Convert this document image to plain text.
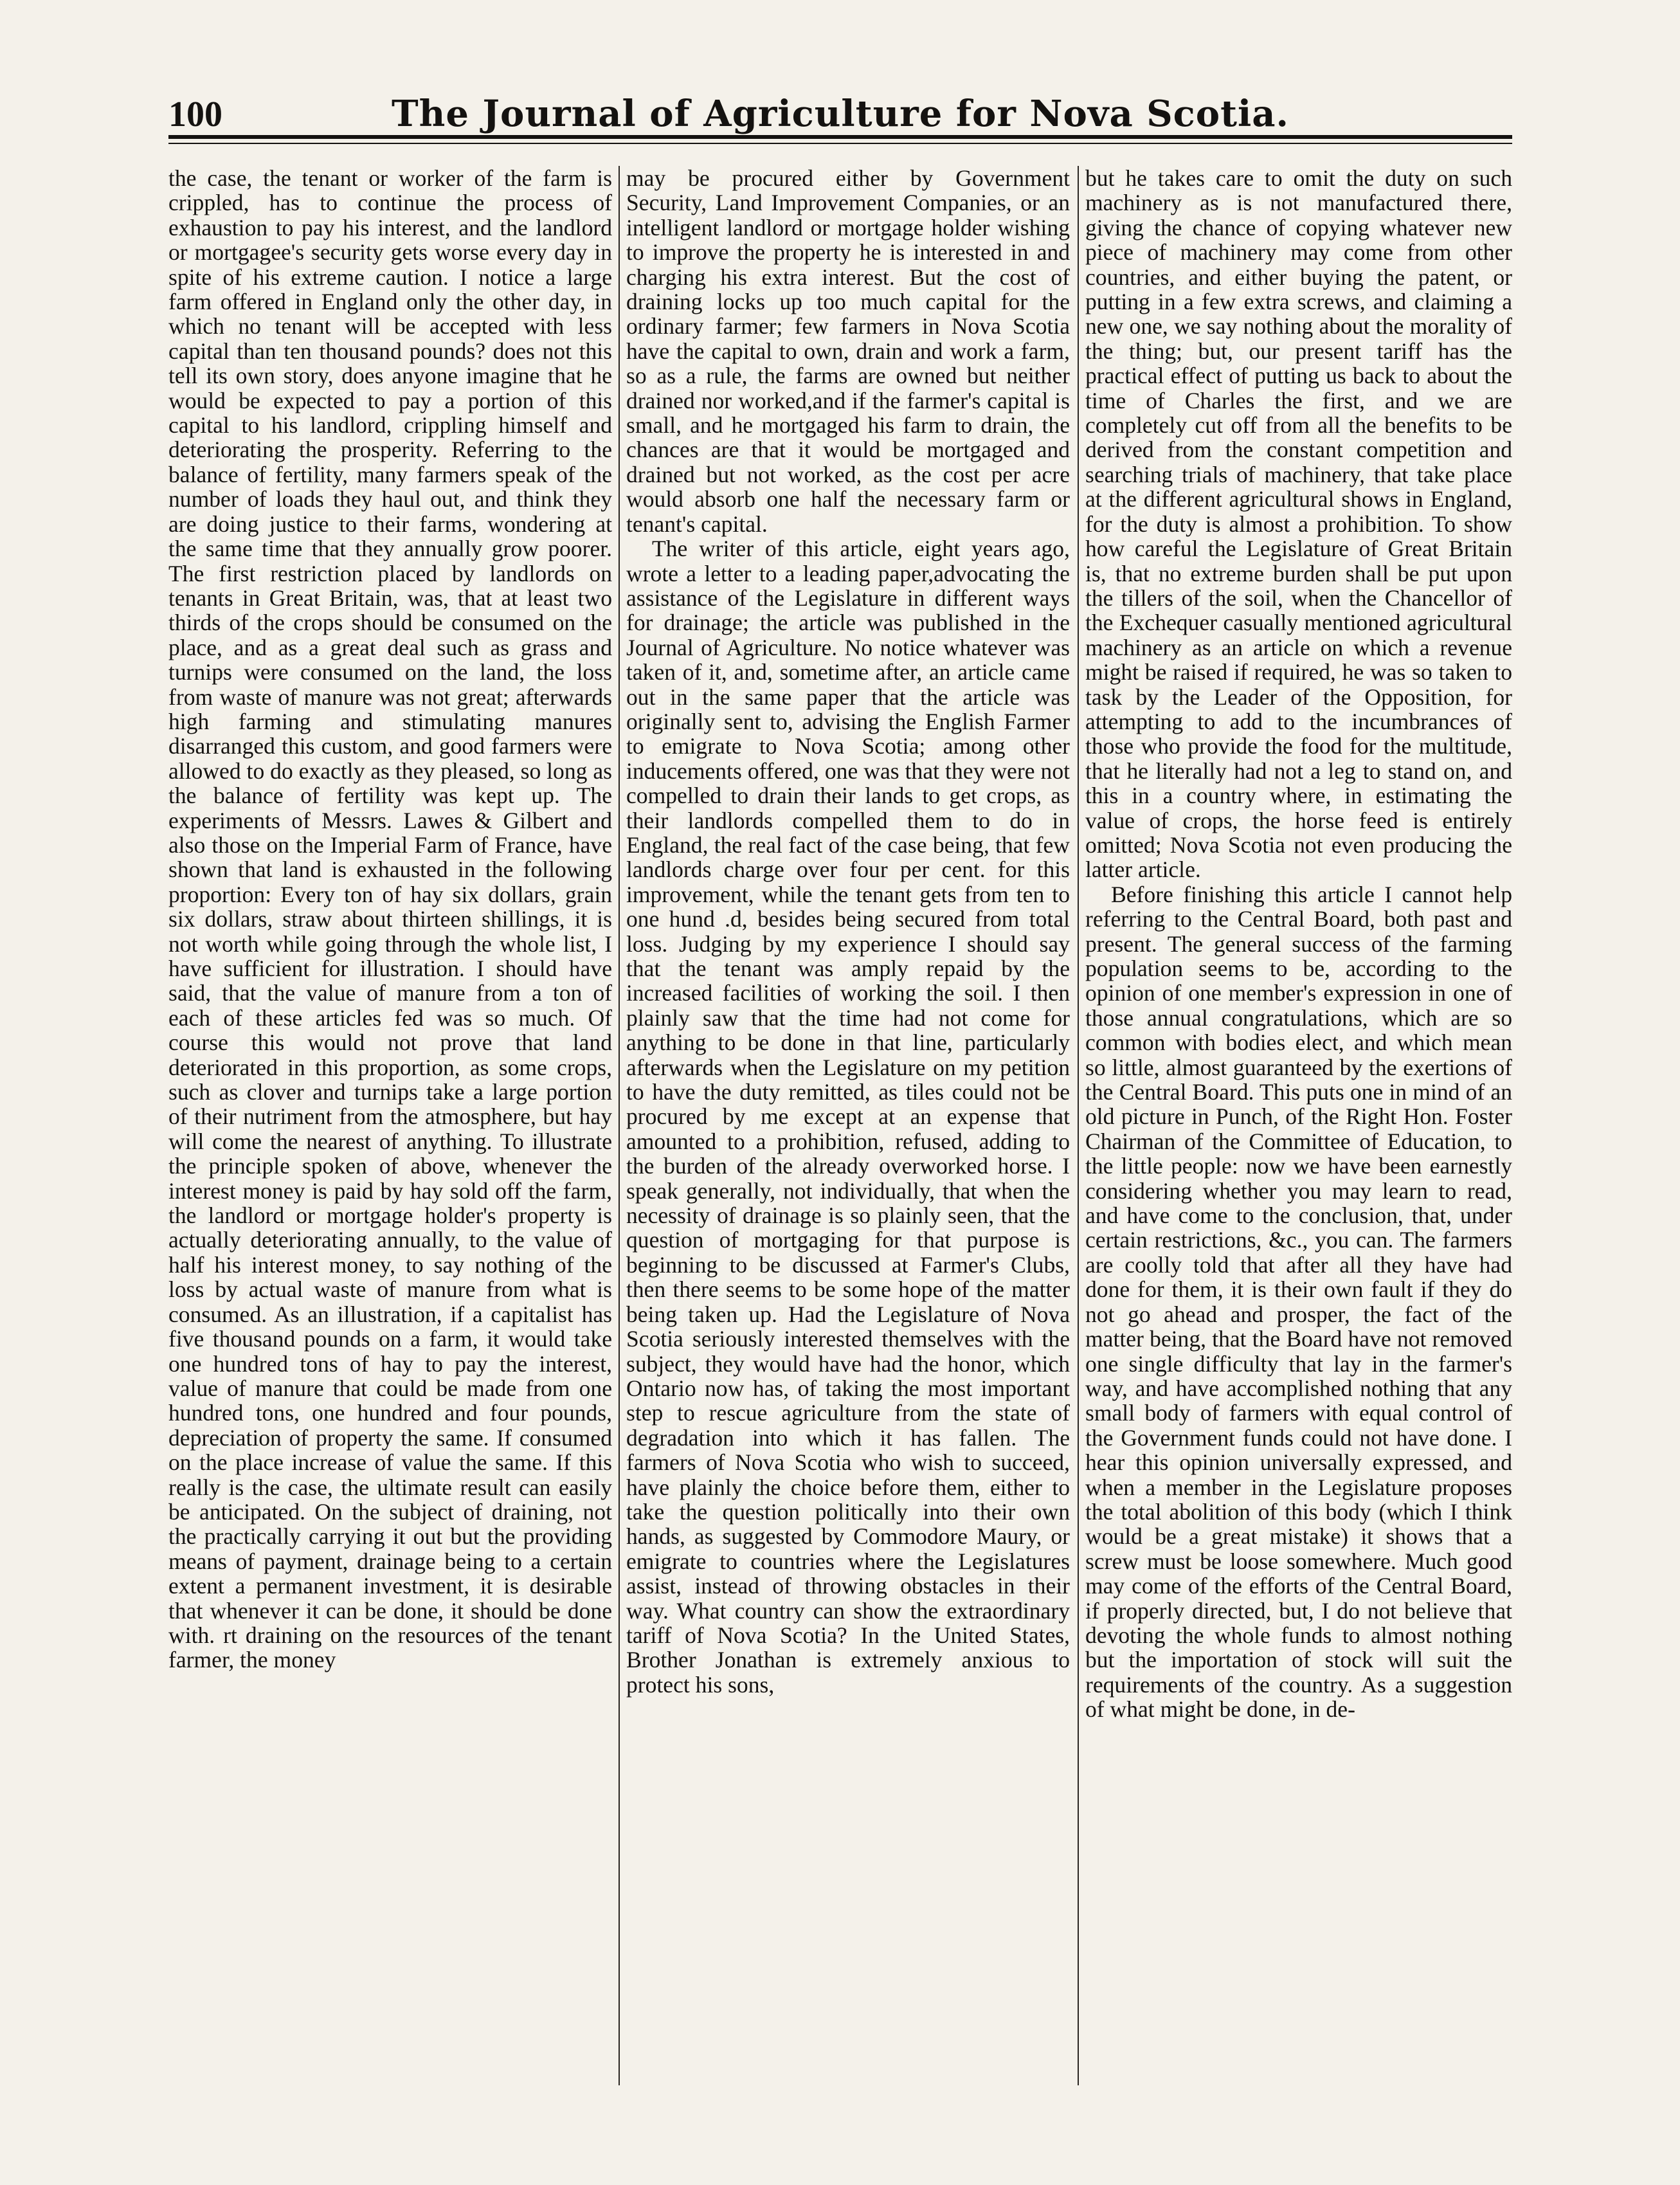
100	The Journal of Agriculture for Nova Scotia.

the case, the tenant or worker of the farm is crippled, has to continue the process of exhaustion to pay his interest, and the landlord or mortgagee's security gets worse every day in spite of his extreme caution. I notice a large farm offered in England only the other day, in which no tenant will be accepted with less capital than ten thousand pounds? does not this tell its own story, does anyone imagine that he would be expected to pay a portion of this capital to his landlord, crippling himself and deteriorating the prosperity. Referring to the balance of fertility, many farmers speak of the number of loads they haul out, and think they are doing justice to their farms, wondering at the same time that they annually grow poorer. The first restriction placed by landlords on tenants in Great Britain, was, that at least two thirds of the crops should be consumed on the place, and as a great deal such as grass and turnips were consumed on the land, the loss from waste of manure was not great; afterwards high farming and stimulating manures disarranged this custom, and good farmers were allowed to do exactly as they pleased, so long as the balance of fertility was kept up. The experiments of Messrs. Lawes & Gilbert and also those on the Imperial Farm of France, have shown that land is exhausted in the following proportion: Every ton of hay six dollars, grain six dollars, straw about thirteen shillings, it is not worth while going through the whole list, I have sufficient for illustration. I should have said, that the value of manure from a ton of each of these articles fed was so much. Of course this would not prove that land deteriorated in this proportion, as some crops, such as clover and turnips take a large portion of their nutriment from the atmosphere, but hay will come the nearest of anything. To illustrate the principle spoken of above, whenever the interest money is paid by hay sold off the farm, the landlord or mortgage holder's property is actually deteriorating annually, to the value of half his interest money, to say nothing of the loss by actual waste of manure from what is consumed. As an illustration, if a capitalist has five thousand pounds on a farm, it would take one hundred tons of hay to pay the interest, value of manure that could be made from one hundred tons, one hundred and four pounds, depreciation of property the same. If consumed on the place increase of value the same. If this really is the case, the ultimate result can easily be anticipated. On the subject of draining, not the practically carrying it out but the providing means of payment, drainage being to a certain extent a permanent investment, it is desirable that whenever it can be done, it should be done with. rt draining on the resources of the tenant farmer, the money

may be procured either by Government Security, Land Improvement Companies, or an intelligent landlord or mortgage holder wishing to improve the property he is interested in and charging his extra interest. But the cost of draining locks up too much capital for the ordinary farmer; few farmers in Nova Scotia have the capital to own, drain and work a farm, so as a rule, the farms are owned but neither drained nor worked,and if the farmer's capital is small, and he mortgaged his farm to drain, the chances are that it would be mortgaged and drained but not worked, as the cost per acre would absorb one half the necessary farm or tenant's capital.

The writer of this article, eight years ago, wrote a letter to a leading paper,advocating the assistance of the Legislature in different ways for drainage; the article was published in the Journal of Agriculture. No notice whatever was taken of it, and, sometime after, an article came out in the same paper that the article was originally sent to, advising the English Farmer to emigrate to Nova Scotia; among other inducements offered, one was that they were not compelled to drain their lands to get crops, as their landlords compelled them to do in England, the real fact of the case being, that few landlords charge over four per cent. for this improvement, while the tenant gets from ten to one hund .d, besides being secured from total loss. Judging by my experience I should say that the tenant was amply repaid by the increased facilities of working the soil. I then plainly saw that the time had not come for anything to be done in that line, particularly afterwards when the Legislature on my petition to have the duty remitted, as tiles could not be procured by me except at an expense that amounted to a prohibition, refused, adding to the burden of the already overworked horse. I speak generally, not individually, that when the necessity of drainage is so plainly seen, that the question of mortgaging for that purpose is beginning to be discussed at Farmer's Clubs, then there seems to be some hope of the matter being taken up. Had the Legislature of Nova Scotia seriously interested themselves with the subject, they would have had the honor, which Ontario now has, of taking the most important step to rescue agriculture from the state of degradation into which it has fallen. The farmers of Nova Scotia who wish to succeed, have plainly the choice before them, either to take the question politically into their own hands, as suggested by Commodore Maury, or emigrate to countries where the Legislatures assist, instead of throwing obstacles in their way. What country can show the extraordinary tariff of Nova Scotia? In the United States, Brother Jonathan is extremely anxious to protect his sons,

but he takes care to omit the duty on such machinery as is not manufactured there, giving the chance of copying whatever new piece of machinery may come from other countries, and either buying the patent, or putting in a few extra screws, and claiming a new one, we say nothing about the morality of the thing; but, our present tariff has the practical effect of putting us back to about the time of Charles the first, and we are completely cut off from all the benefits to be derived from the constant competition and searching trials of machinery, that take place at the different agricultural shows in England, for the duty is almost a prohibition. To show how careful the Legislature of Great Britain is, that no extreme burden shall be put upon the tillers of the soil, when the Chancellor of the Exchequer casually mentioned agricultural machinery as an article on which a revenue might be raised if required, he was so taken to task by the Leader of the Opposition, for attempting to add to the incumbrances of those who provide the food for the multitude, that he literally had not a leg to stand on, and this in a country where, in estimating the value of crops, the horse feed is entirely omitted; Nova Scotia not even producing the latter article.

Before finishing this article I cannot help referring to the Central Board, both past and present. The general success of the farming population seems to be, according to the opinion of one member's expression in one of those annual congratulations, which are so common with bodies elect, and which mean so little, almost guaranteed by the exertions of the Central Board. This puts one in mind of an old picture in Punch, of the Right Hon. Foster Chairman of the Committee of Education, to the little people: now we have been earnestly considering whether you may learn to read, and have come to the conclusion, that, under certain restrictions, &c., you can. The farmers are coolly told that after all they have had done for them, it is their own fault if they do not go ahead and prosper, the fact of the matter being, that the Board have not removed one single difficulty that lay in the farmer's way, and have accomplished nothing that any small body of farmers with equal control of the Government funds could not have done. I hear this opinion universally expressed, and when a member in the Legislature proposes the total abolition of this body (which I think would be a great mistake) it shows that a screw must be loose somewhere. Much good may come of the efforts of the Central Board, if properly directed, but, I do not believe that devoting the whole funds to almost nothing but the importation of stock will suit the requirements of the country. As a suggestion of what might be done, in de-
